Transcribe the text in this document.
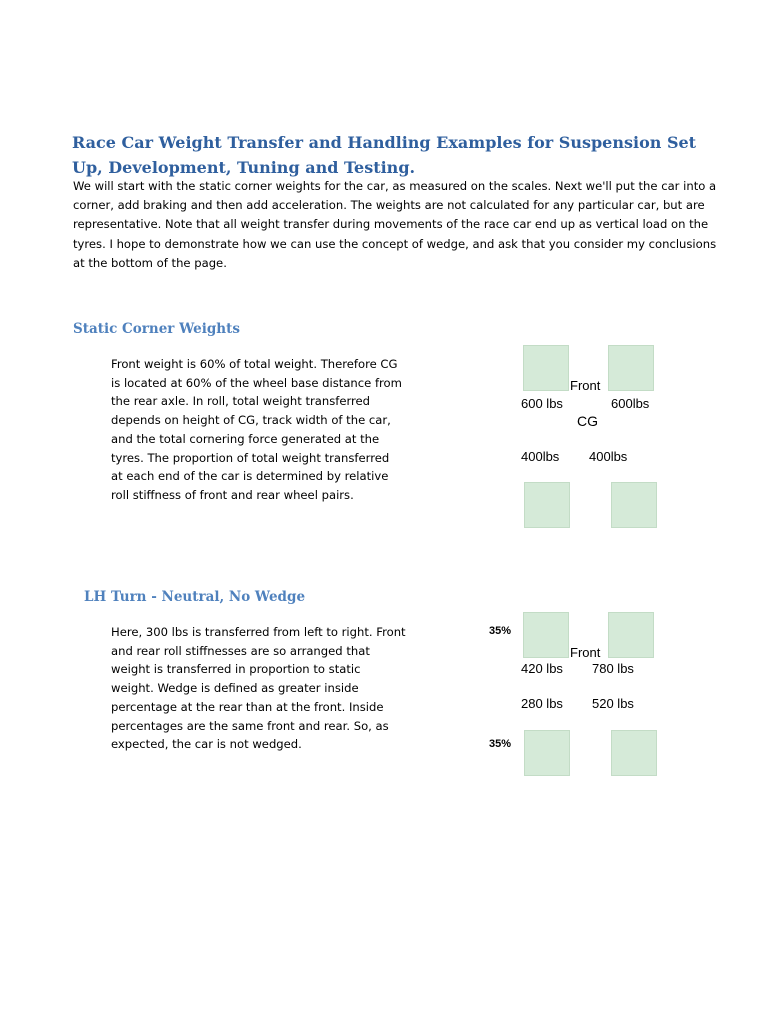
Race Car Weight Transfer and Handling Examples for Suspension Set Up, Development, Tuning and Testing.

We will start with the static corner weights for the car, as measured on the scales. Next we'll put the car into a corner, add braking and then add acceleration. The weights are not calculated for any particular car, but are representative. Note that all weight transfer during movements of the race car end up as vertical load on the tyres. I hope to demonstrate how we can use the concept of wedge, and ask that you consider my conclusions at the bottom of the page.

Static Corner Weights

Front weight is 60% of total weight. Therefore CG is located at 60% of the wheel base distance from the rear axle. In roll, total weight transferred depends on height of CG, track width of the car, and the total cornering force generated at the tyres. The proportion of total weight transferred at each end of the car is determined by relative roll stiffness of front and rear wheel pairs.

Front
600 lbs	600lbs
CG
400lbs 400lbs
LH Turn - Neutral, No Wedge

Here, 300 lbs is transferred from left to right. Front and rear roll stiffnesses are so arranged that weight is transferred in proportion to static weight. Wedge is defined as greater inside percentage at the rear than at the front. Inside percentages are the same front and rear. So, as expected, the car is not wedged.

35%
Front
420 lbs 780 lbs
280 lbs 520 lbs
35%
